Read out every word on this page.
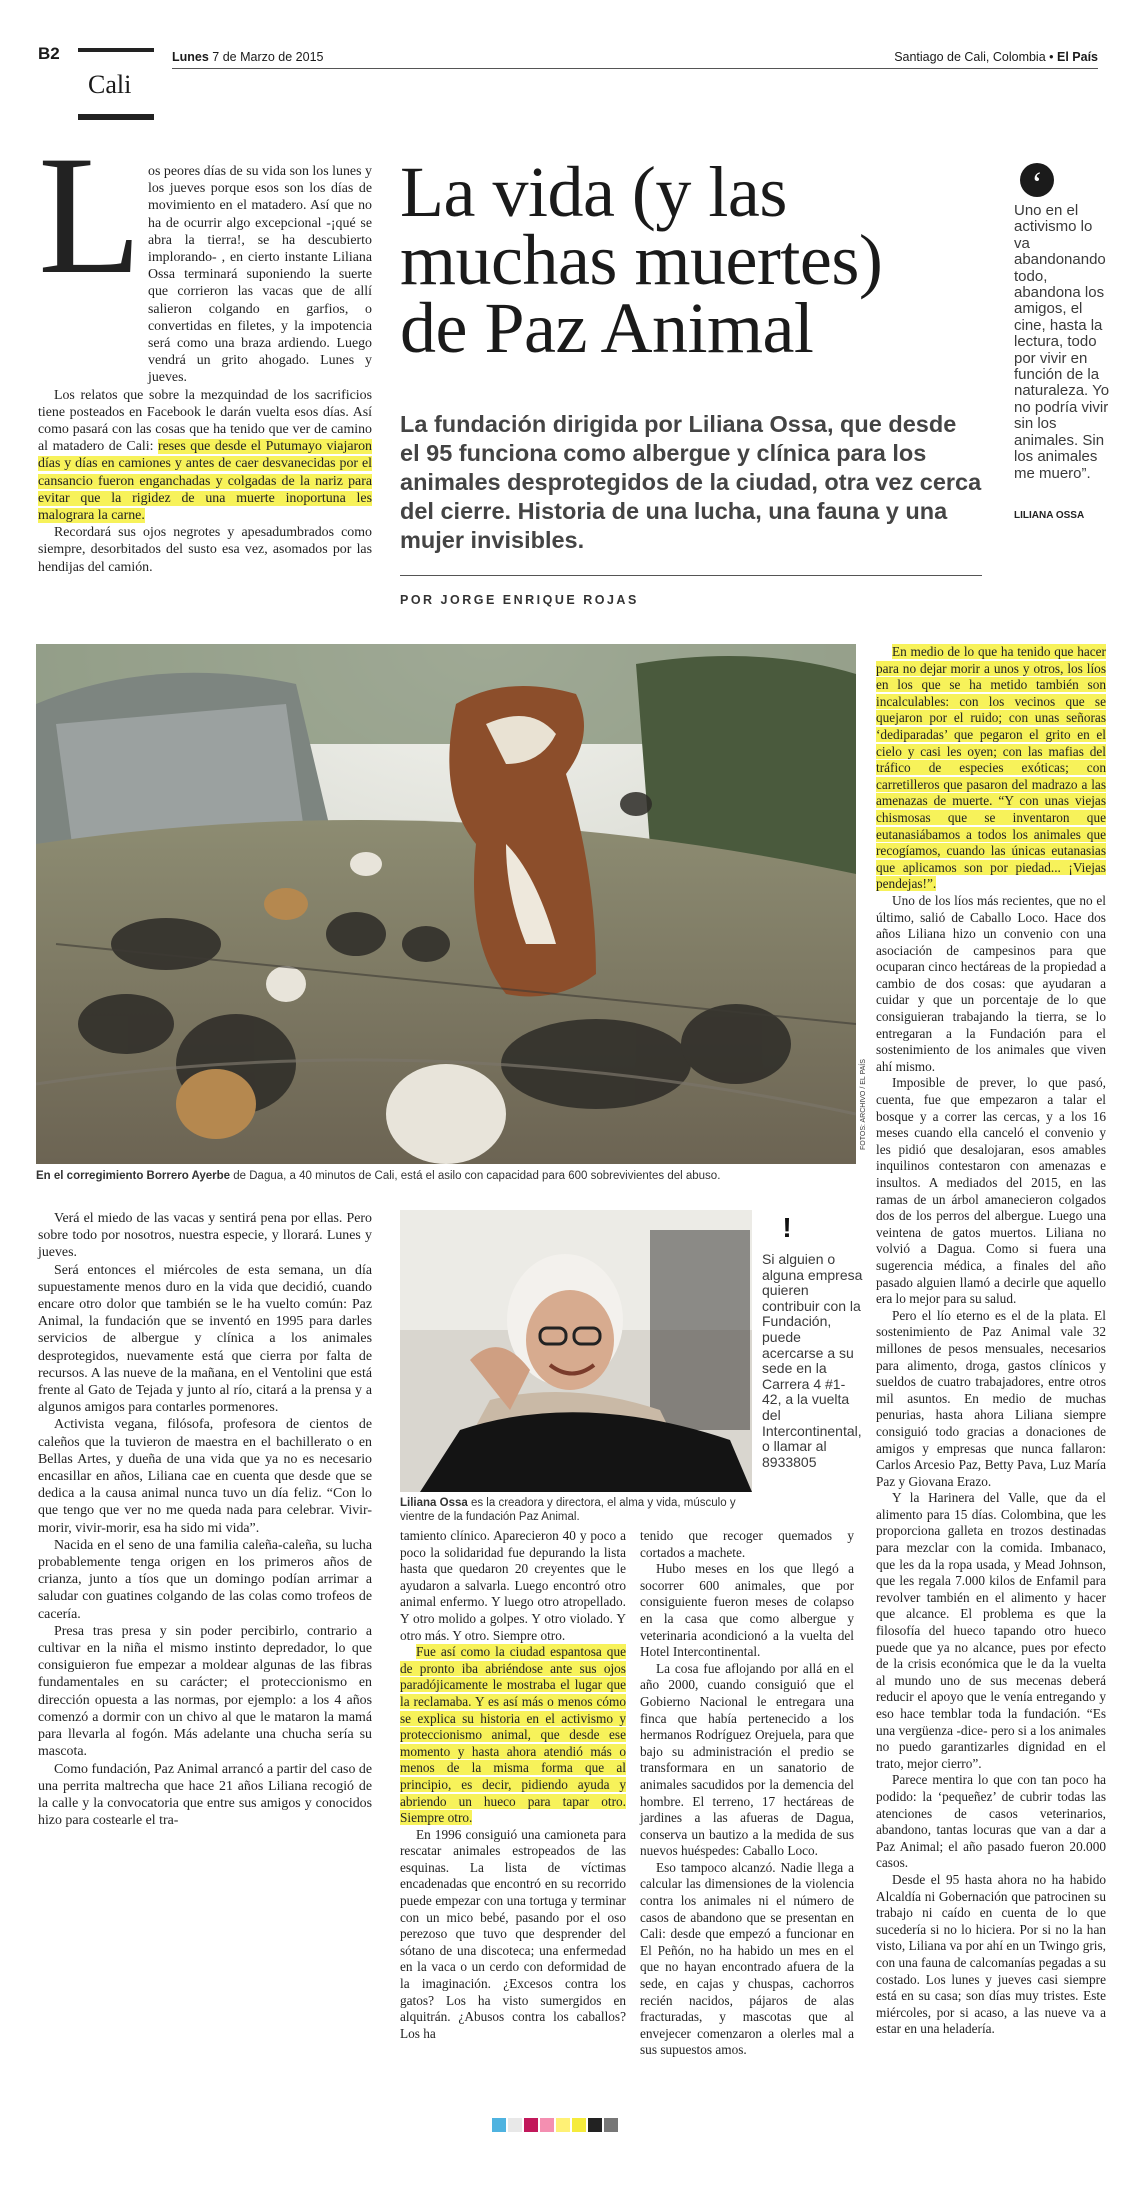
B2
Cali
Lunes 7 de Marzo de 2015	Santiago de Cali, Colombia • El País
L os peores días de su vida son los lunes y los jueves porque esos son los días de movimiento en el matadero. Así que no ha de ocurrir algo excepcional -¡qué se abra la tierra!, se ha descubierto implorando- , en cierto instante Liliana Ossa terminará suponiendo la suerte que corrieron las vacas que de allí salieron colgando en garfios, o convertidas en filetes, y la impotencia será como una braza ardiendo. Luego vendrá un grito ahogado. Lunes y jueves.

Los relatos que sobre la mezquindad de los sacrificios tiene posteados en Facebook le darán vuelta esos días. Así como pasará con las cosas que ha tenido que ver de camino al matadero de Cali: reses que desde el Putumayo viajaron días y días en camiones y antes de caer desvanecidas por el cansancio fueron enganchadas y colgadas de la nariz para evitar que la rigidez de una muerte inoportuna les malograra la carne.

Recordará sus ojos negrotes y apesadumbrados como siempre, desorbitados del susto esa vez, asomados por las hendijas del camión.

La vida (y las
muchas muertes)
de Paz Animal
La fundación dirigida por Liliana Ossa, que desde el 95 funciona como albergue y clínica para los animales desprotegidos de la ciudad, otra vez cerca del cierre. Historia de una lucha, una fauna y una mujer invisibles.
POR JORGE ENRIQUE ROJAS
‘
Uno en el activismo lo va abandonando todo, abandona los amigos, el cine, hasta la lectura, todo por vivir en función de la naturaleza. Yo no podría vivir sin los animales. Sin los animales me muero”.
LILIANA OSSA
FOTOS: ARCHIVO / EL PAÍS
En el corregimiento Borrero Ayerbe de Dagua, a 40 minutos de Cali, está el asilo con capacidad para 600 sobrevivientes del abuso.

En medio de lo que ha tenido que hacer para no dejar morir a unos y otros, los líos en los que se ha metido también son incalculables: con los vecinos que se quejaron por el ruido; con unas señoras ‘dediparadas’ que pegaron el grito en el cielo y casi les oyen; con las mafias del tráfico de especies exóticas; con carretilleros que pasaron del madrazo a las amenazas de muerte. “Y con unas viejas chismosas que se inventaron que eutanasiábamos a todos los animales que recogíamos, cuando las únicas eutanasias que aplicamos son por piedad... ¡Viejas pendejas!”.

Uno de los líos más recientes, que no el último, salió de Caballo Loco. Hace dos años Liliana hizo un convenio con una asociación de campesinos para que ocuparan cinco hectáreas de la propiedad a cambio de dos cosas: que ayudaran a cuidar y que un porcentaje de lo que consiguieran trabajando la tierra, se lo entregaran a la Fundación para el sostenimiento de los animales que viven ahí mismo.

Imposible de prever, lo que pasó, cuenta, fue que empezaron a talar el bosque y a correr las cercas, y a los 16 meses cuando ella canceló el convenio y les pidió que desalojaran, esos amables inquilinos contestaron con amenazas e insultos. A mediados del 2015, en las ramas de un árbol amanecieron colgados dos de los perros del albergue. Luego una veintena de gatos muertos. Liliana no volvió a Dagua. Como si fuera una sugerencia médica, a finales del año pasado alguien llamó a decirle que aquello era lo mejor para su salud.

Pero el lío eterno es el de la plata. El sostenimiento de Paz Animal vale 32 millones de pesos mensuales, necesarios para alimento, droga, gastos clínicos y sueldos de cuatro trabajadores, entre otros mil asuntos. En medio de muchas penurias, hasta ahora Liliana siempre consiguió todo gracias a donaciones de amigos y empresas que nunca fallaron: Carlos Arcesio Paz, Betty Pava, Luz María Paz y Giovana Erazo.

Y la Harinera del Valle, que da el alimento para 15 días. Colombina, que les proporciona galleta en trozos destinadas para mezclar con la comida. Imbanaco, que les da la ropa usada, y Mead Johnson, que les regala 7.000 kilos de Enfamil para revolver también en el alimento y hacer que alcance. El problema es que la filosofía del hueco tapando otro hueco puede que ya no alcance, pues por efecto de la crisis económica que le da la vuelta al mundo uno de sus mecenas deberá reducir el apoyo que le venía entregando y eso hace temblar toda la fundación. “Es una vergüenza -dice- pero si a los animales no puedo garantizarles dignidad en el trato, mejor cierro”.

Parece mentira lo que con tan poco ha podido: la ‘pequeñez’ de cubrir todas las atenciones de casos veterinarios, abandono, tantas locuras que van a dar a Paz Animal; el año pasado fueron 20.000 casos.

Desde el 95 hasta ahora no ha habido Alcaldía ni Gobernación que patrocinen su trabajo ni caído en cuenta de lo que sucedería si no lo hiciera. Por si no la han visto, Liliana va por ahí en un Twingo gris, con una fauna de calcomanías pegadas a su costado. Los lunes y jueves casi siempre está en su casa; son días muy tristes. Este miércoles, por si acaso, a las nueve va a estar en una heladería.

Liliana Ossa es la creadora y directora, el alma y vida, músculo y vientre de la fundación Paz Animal.
!
Si alguien o alguna empresa quieren contribuir con la Fundación, puede acercarse a su sede en la Carrera 4 #1-42, a la vuelta del Intercontinental, o llamar al 8933805

Verá el miedo de las vacas y sentirá pena por ellas. Pero sobre todo por nosotros, nuestra especie, y llorará. Lunes y jueves.

Será entonces el miércoles de esta semana, un día supuestamente menos duro en la vida que decidió, cuando encare otro dolor que también se le ha vuelto común: Paz Animal, la fundación que se inventó en 1995 para darles servicios de albergue y clínica a los animales desprotegidos, nuevamente está que cierra por falta de recursos. A las nueve de la mañana, en el Ventolini que está frente al Gato de Tejada y junto al río, citará a la prensa y a algunos amigos para contarles pormenores.

Activista vegana, filósofa, profesora de cientos de caleños que la tuvieron de maestra en el bachillerato o en Bellas Artes, y dueña de una vida que ya no es necesario encasillar en años, Liliana cae en cuenta que desde que se dedica a la causa animal nunca tuvo un día feliz. “Con lo que tengo que ver no me queda nada para celebrar. Vivir-morir, vivir-morir, esa ha sido mi vida”.

Nacida en el seno de una familia caleña-caleña, su lucha probablemente tenga origen en los primeros años de crianza, junto a tíos que un domingo podían arrimar a saludar con guatines colgando de las colas como trofeos de cacería.

Presa tras presa y sin poder percibirlo, contrario a cultivar en la niña el mismo instinto depredador, lo que consiguieron fue empezar a moldear algunas de las fibras fundamentales en su carácter; el proteccionismo en dirección opuesta a las normas, por ejemplo: a los 4 años comenzó a dormir con un chivo al que le mataron la mamá para llevarla al fogón. Más adelante una chucha sería su mascota.

Como fundación, Paz Animal arrancó a partir del caso de una perrita maltrecha que hace 21 años Liliana recogió de la calle y la convocatoria que entre sus amigos y conocidos hizo para costearle el tra-

tamiento clínico. Aparecieron 40 y poco a poco la solidaridad fue depurando la lista hasta que quedaron 20 creyentes que le ayudaron a salvarla. Luego encontró otro animal enfermo. Y luego otro atropellado. Y otro molido a golpes. Y otro violado. Y otro más. Y otro. Siempre otro.

Fue así como la ciudad espantosa que de pronto iba abriéndose ante sus ojos paradójicamente le mostraba el lugar que la reclamaba. Y es así más o menos cómo se explica su historia en el activismo y proteccionismo animal, que desde ese momento y hasta ahora atendió más o menos de la misma forma que al principio, es decir, pidiendo ayuda y abriendo un hueco para tapar otro. Siempre otro.

En 1996 consiguió una camioneta para rescatar animales estropeados de las esquinas. La lista de víctimas encadenadas que encontró en su recorrido puede empezar con una tortuga y terminar con un mico bebé, pasando por el oso perezoso que tuvo que desprender del sótano de una discoteca; una enfermedad en la vaca o un cerdo con deformidad de la imaginación. ¿Excesos contra los gatos? Los ha visto sumergidos en alquitrán. ¿Abusos contra los caballos? Los ha

tenido que recoger quemados y cortados a machete.

Hubo meses en los que llegó a socorrer 600 animales, que por consiguiente fueron meses de colapso en la casa que como albergue y veterinaria acondicionó a la vuelta del Hotel Intercontinental.

La cosa fue aflojando por allá en el año 2000, cuando consiguió que el Gobierno Nacional le entregara una finca que había pertenecido a los hermanos Rodríguez Orejuela, para que bajo su administración el predio se transformara en un sanatorio de animales sacudidos por la demencia del hombre. El terreno, 17 hectáreas de jardines a las afueras de Dagua, conserva un bautizo a la medida de sus nuevos huéspedes: Caballo Loco.

Eso tampoco alcanzó. Nadie llega a calcular las dimensiones de la violencia contra los animales ni el número de casos de abandono que se presentan en Cali: desde que empezó a funcionar en El Peñón, no ha habido un mes en el que no hayan encontrado afuera de la sede, en cajas y chuspas, cachorros recién nacidos, pájaros de alas fracturadas, y mascotas que al envejecer comenzaron a olerles mal a sus supuestos amos.
